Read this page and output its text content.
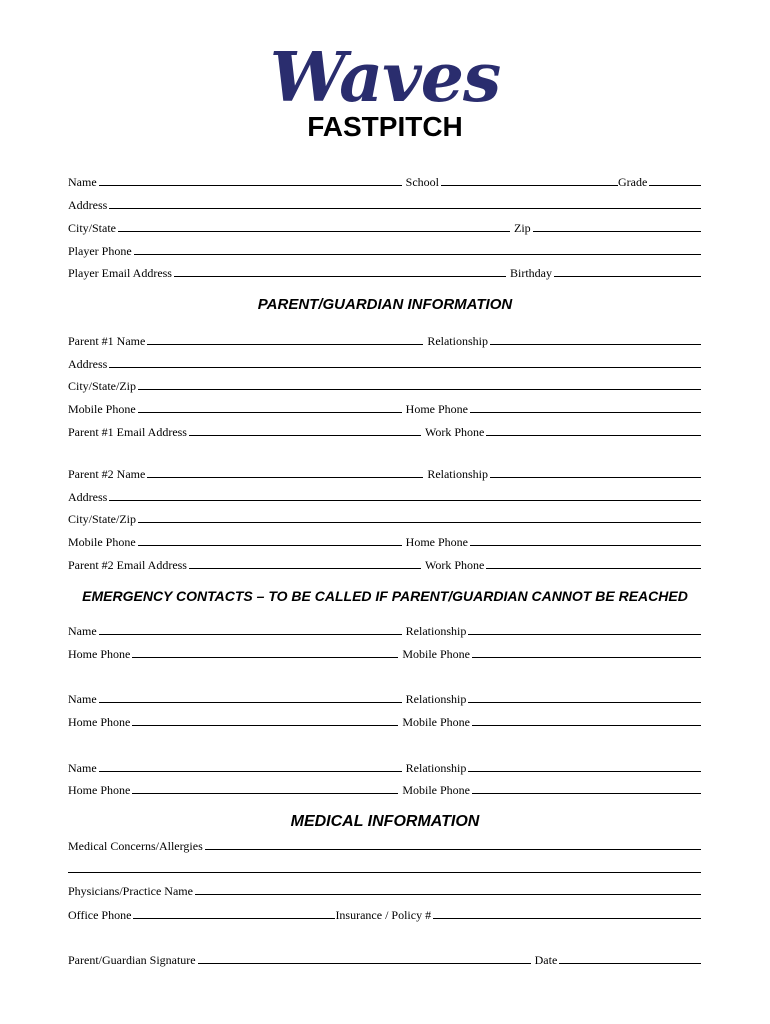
Waves
FASTPITCH
Name	School	Grade
Address
City/State	Zip
Player Phone
Player Email Address	Birthday
PARENT/GUARDIAN INFORMATION
Parent #1 Name	Relationship
Address
City/State/Zip
Mobile Phone	Home Phone
Parent #1 Email Address	Work Phone
Parent #2 Name	Relationship
Address
City/State/Zip
Mobile Phone	Home Phone
Parent #2 Email Address	Work Phone
EMERGENCY CONTACTS – TO BE CALLED IF PARENT/GUARDIAN CANNOT BE REACHED
Name	Relationship
Home Phone	Mobile Phone
Name	Relationship
Home Phone	Mobile Phone
Name	Relationship
Home Phone	Mobile Phone
MEDICAL INFORMATION
Medical Concerns/Allergies
Physicians/Practice Name
Office Phone	Insurance / Policy #
Parent/Guardian Signature	Date
